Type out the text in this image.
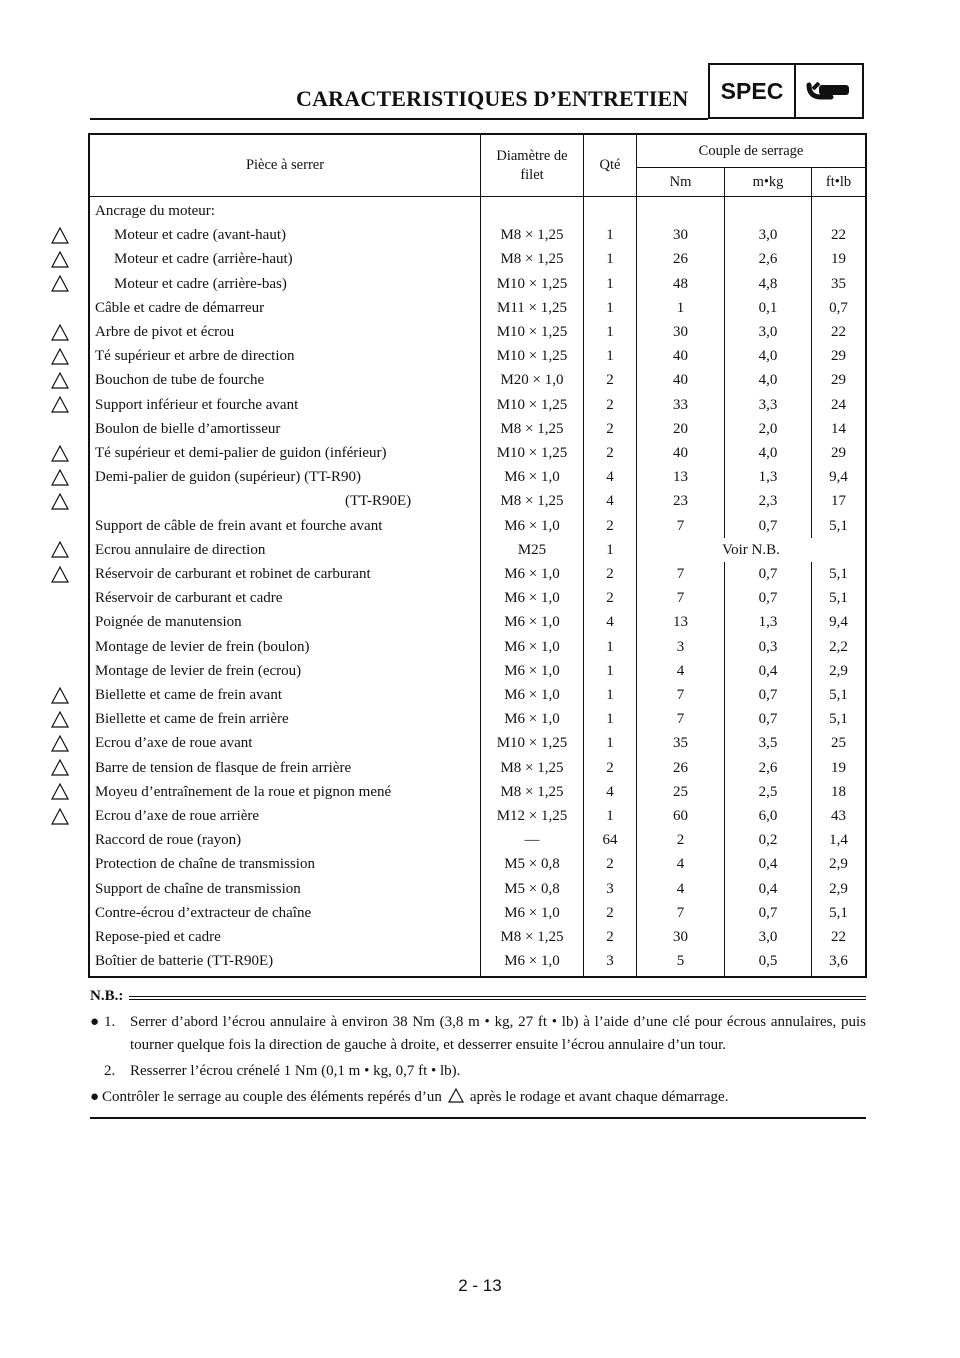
CARACTERISTIQUES D’ENTRETIEN	SPEC
Pièce à serrer	Diamètre de filet	Qté	Couple de serrage		
			Nm	m•kg	ft•lb
Ancrage du moteur:					
Moteur et cadre (avant-haut)	M8 × 1,25	1	30	3,0	22
Moteur et cadre (arrière-haut)	M8 × 1,25	1	26	2,6	19
Moteur et cadre (arrière-bas)	M10 × 1,25	1	48	4,8	35
Câble et cadre de démarreur	M11 × 1,25	1	1	0,1	0,7
Arbre de pivot et écrou	M10 × 1,25	1	30	3,0	22
Té supérieur et arbre de direction	M10 × 1,25	1	40	4,0	29
Bouchon de tube de fourche	M20 × 1,0	2	40	4,0	29
Support inférieur et fourche avant	M10 × 1,25	2	33	3,3	24
Boulon de bielle d’amortisseur	M8 × 1,25	2	20	2,0	14
Té supérieur et demi-palier de guidon (inférieur)	M10 × 1,25	2	40	4,0	29
Demi-palier de guidon (supérieur) (TT-R90)	M6 × 1,0	4	13	1,3	9,4
(TT-R90E)	M8 × 1,25	4	23	2,3	17
Support de câble de frein avant et fourche avant	M6 × 1,0	2	7	0,7	5,1
Ecrou annulaire de direction	M25	1	Voir N.B.		
Réservoir de carburant et robinet de carburant	M6 × 1,0	2	7	0,7	5,1
Réservoir de carburant et cadre	M6 × 1,0	2	7	0,7	5,1
Poignée de manutension	M6 × 1,0	4	13	1,3	9,4
Montage de levier de frein (boulon)	M6 × 1,0	1	3	0,3	2,2
Montage de levier de frein (ecrou)	M6 × 1,0	1	4	0,4	2,9
Biellette et came de frein avant	M6 × 1,0	1	7	0,7	5,1
Biellette et came de frein arrière	M6 × 1,0	1	7	0,7	5,1
Ecrou d’axe de roue avant	M10 × 1,25	1	35	3,5	25
Barre de tension de flasque de frein arrière	M8 × 1,25	2	26	2,6	19
Moyeu d’entraînement de la roue et pignon mené	M8 × 1,25	4	25	2,5	18
Ecrou d’axe de roue arrière	M12 × 1,25	1	60	6,0	43
Raccord de roue (rayon)	—	64	2	0,2	1,4
Protection de chaîne de transmission	M5 × 0,8	2	4	0,4	2,9
Support de chaîne de transmission	M5 × 0,8	3	4	0,4	2,9
Contre-écrou d’extracteur de chaîne	M6 × 1,0	2	7	0,7	5,1
Repose-pied et cadre	M8 × 1,25	2	30	3,0	22
Boîtier de batterie (TT-R90E)	M6 × 1,0	3	5	0,5	3,6
N.B.:
● 1. Serrer d’abord l’écrou annulaire à environ 38 Nm (3,8 m • kg, 27 ft • lb) à l’aide d’une clé pour écrous annulaires, puis tourner quelque fois la direction de gauche à droite, et desserrer ensuite l’écrou annulaire d’un tour.
2. Resserrer l’écrou crénelé 1 Nm (0,1 m • kg, 0,7 ft • lb).
● Contrôler le serrage au couple des éléments repérés d’un après le rodage et avant chaque démarrage.
2 - 13
